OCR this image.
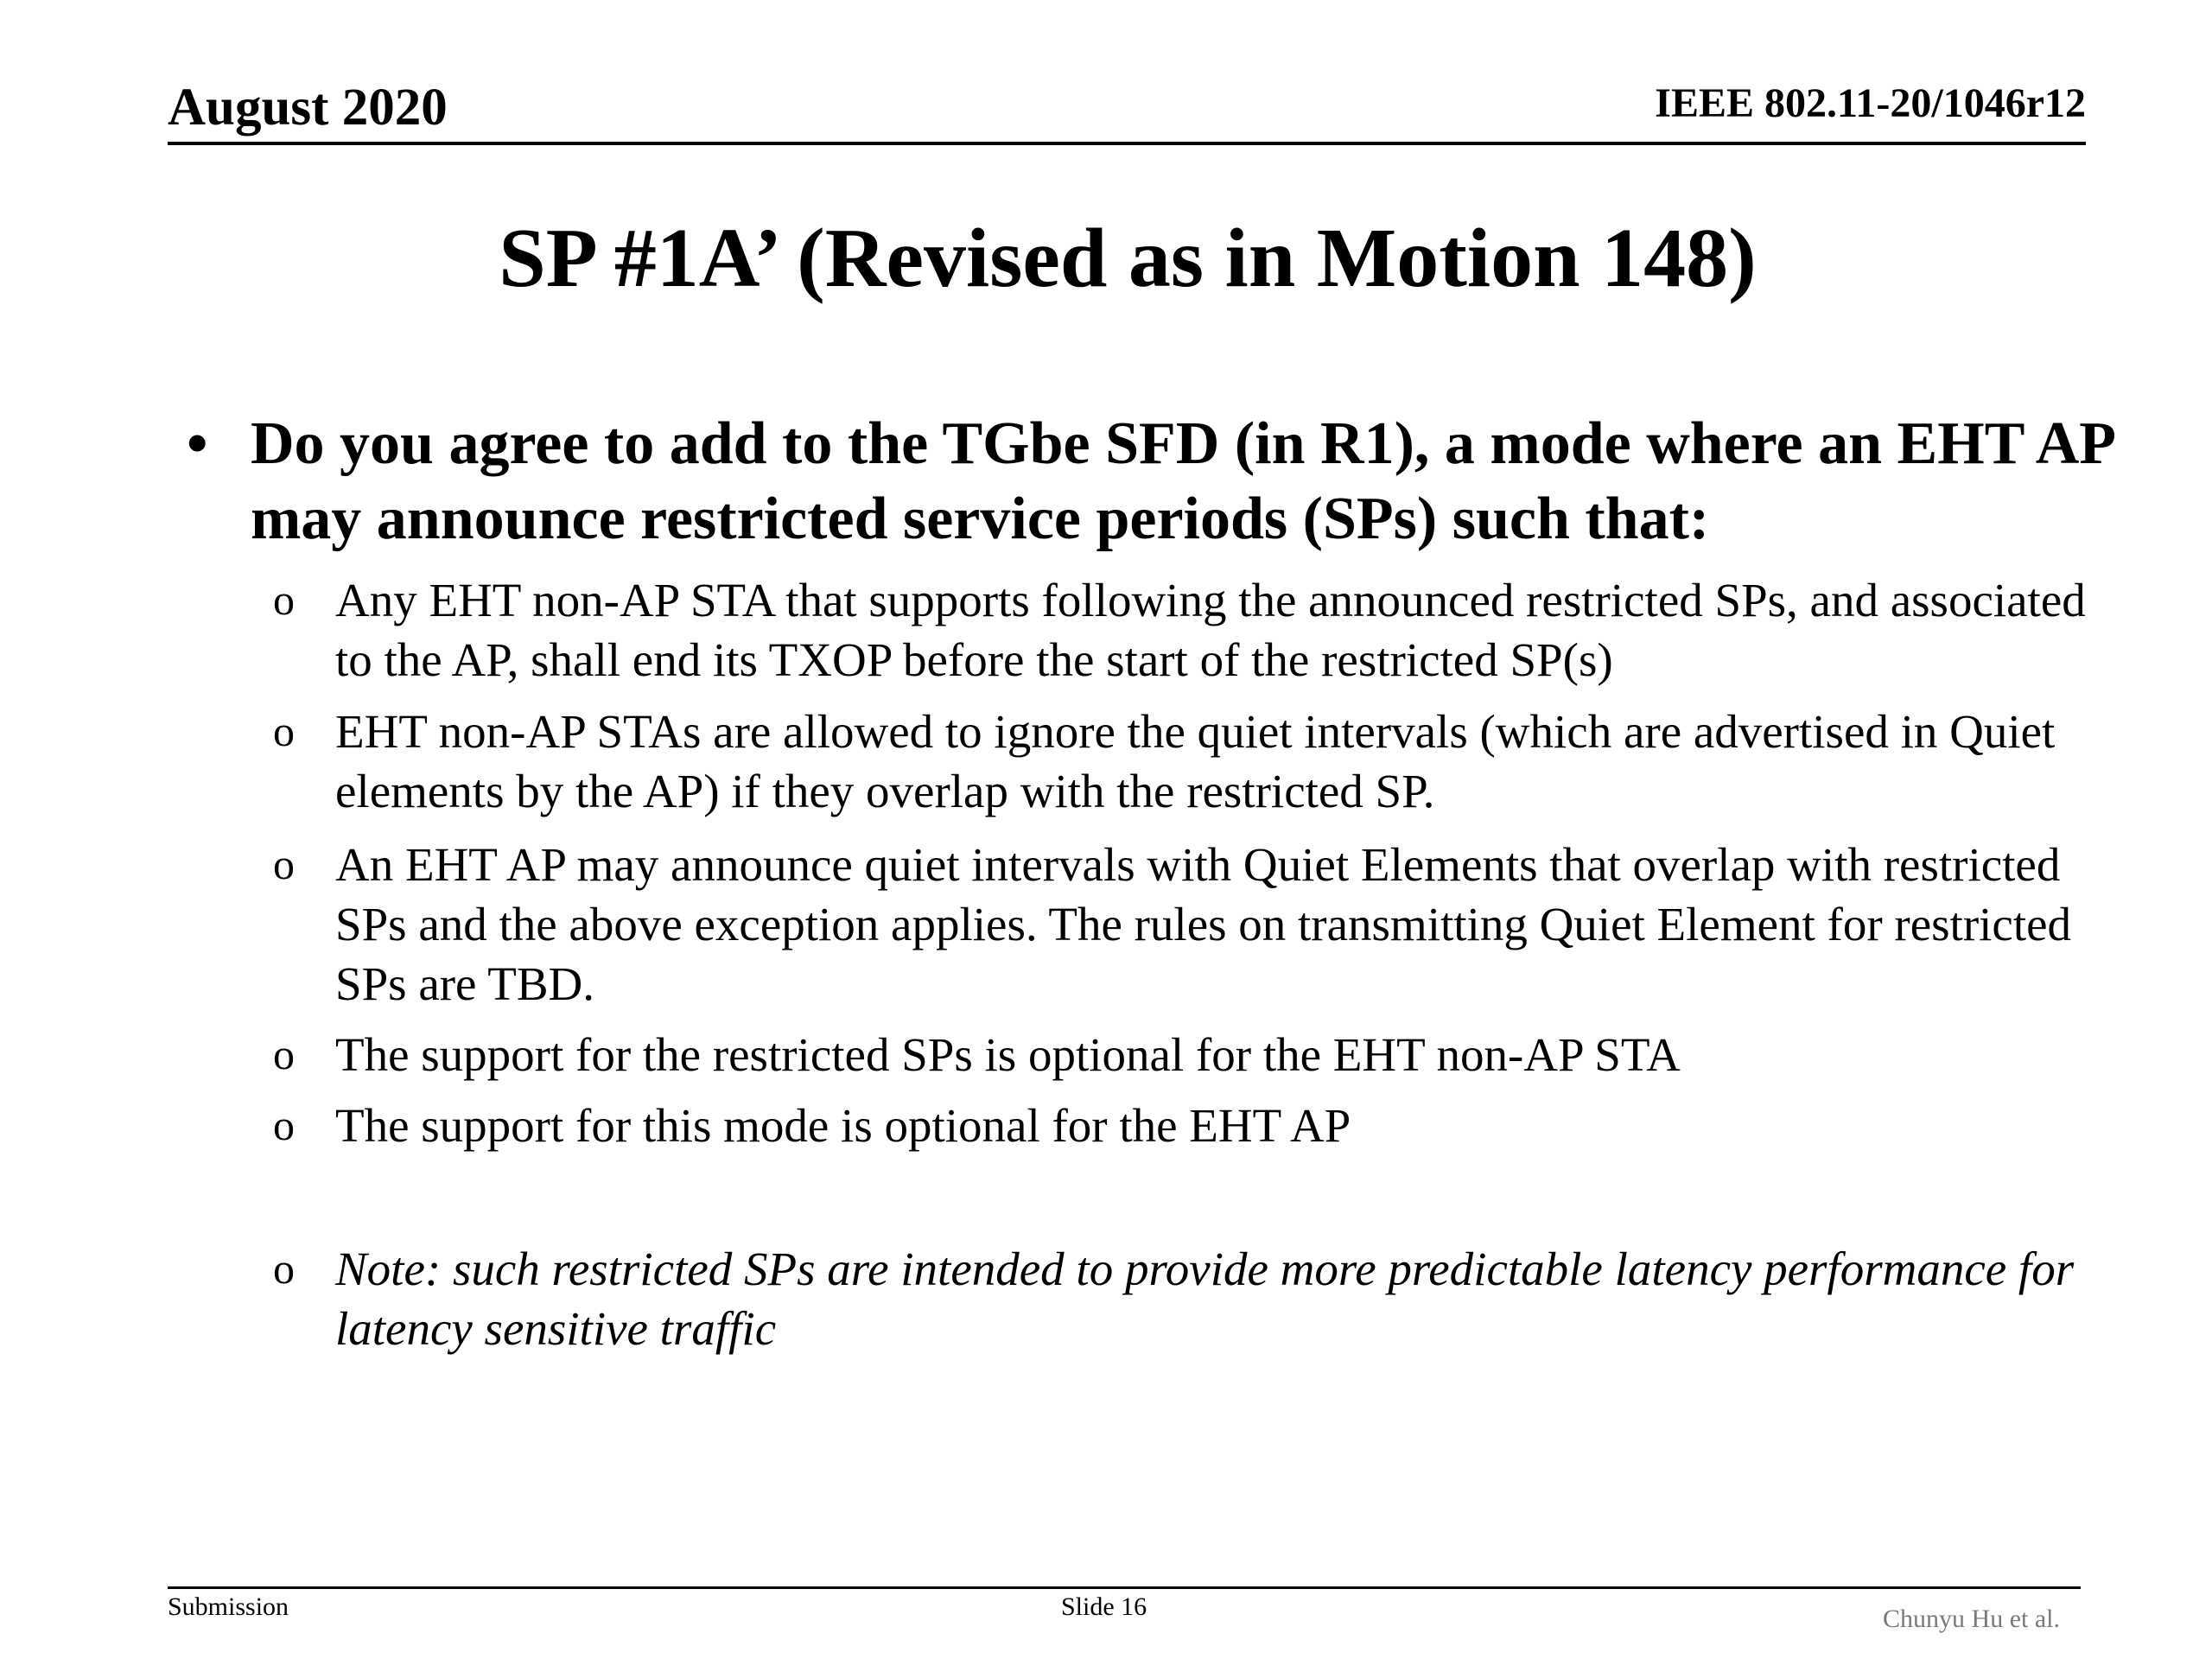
August 2020	IEEE 802.11-20/1046r12
SP #1A’ (Revised as in Motion 148)
• Do you agree to add to the TGbe SFD (in R1), a mode where an EHT AP may announce restricted service periods (SPs) such that:
o Any EHT non-AP STA that supports following the announced restricted SPs, and associated to the AP, shall end its TXOP before the start of the restricted SP(s)
o EHT non-AP STAs are allowed to ignore the quiet intervals (which are advertised in Quiet elements by the AP) if they overlap with the restricted SP.
o An EHT AP may announce quiet intervals with Quiet Elements that overlap with restricted SPs and the above exception applies. The rules on transmitting Quiet Element for restricted SPs are TBD.
o The support for the restricted SPs is optional for the EHT non-AP STA
o The support for this mode is optional for the EHT AP
o Note: such restricted SPs are intended to provide more predictable latency performance for latency sensitive traffic
Submission	Slide 16	Chunyu Hu et al.
